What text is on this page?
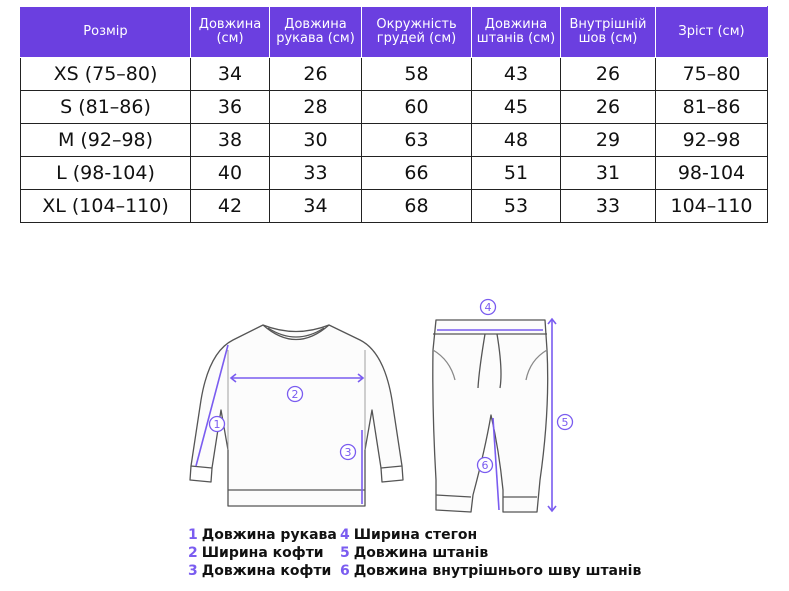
Розмір	Довжина (см)	Довжина рукава (см)	Окружність грудей (см)	Довжина штанів (см)	Внутрішній шов (см)	Зріст (см)
XS (75–80)	34	26	58	43	26	75–80
S (81–86)	36	28	60	45	26	81–86
M (92–98)	38	30	63	48	29	92–98
L (98-104)	40	33	66	51	31	98-104
XL (104–110)	42	34	68	53	33	104–110
1
2
3
4
5
6
1 Довжина рукава
2 Ширина кофти
3 Довжина кофти
4 Ширина стегон
5 Довжина штанів
6 Довжина внутрішнього шву штанів
